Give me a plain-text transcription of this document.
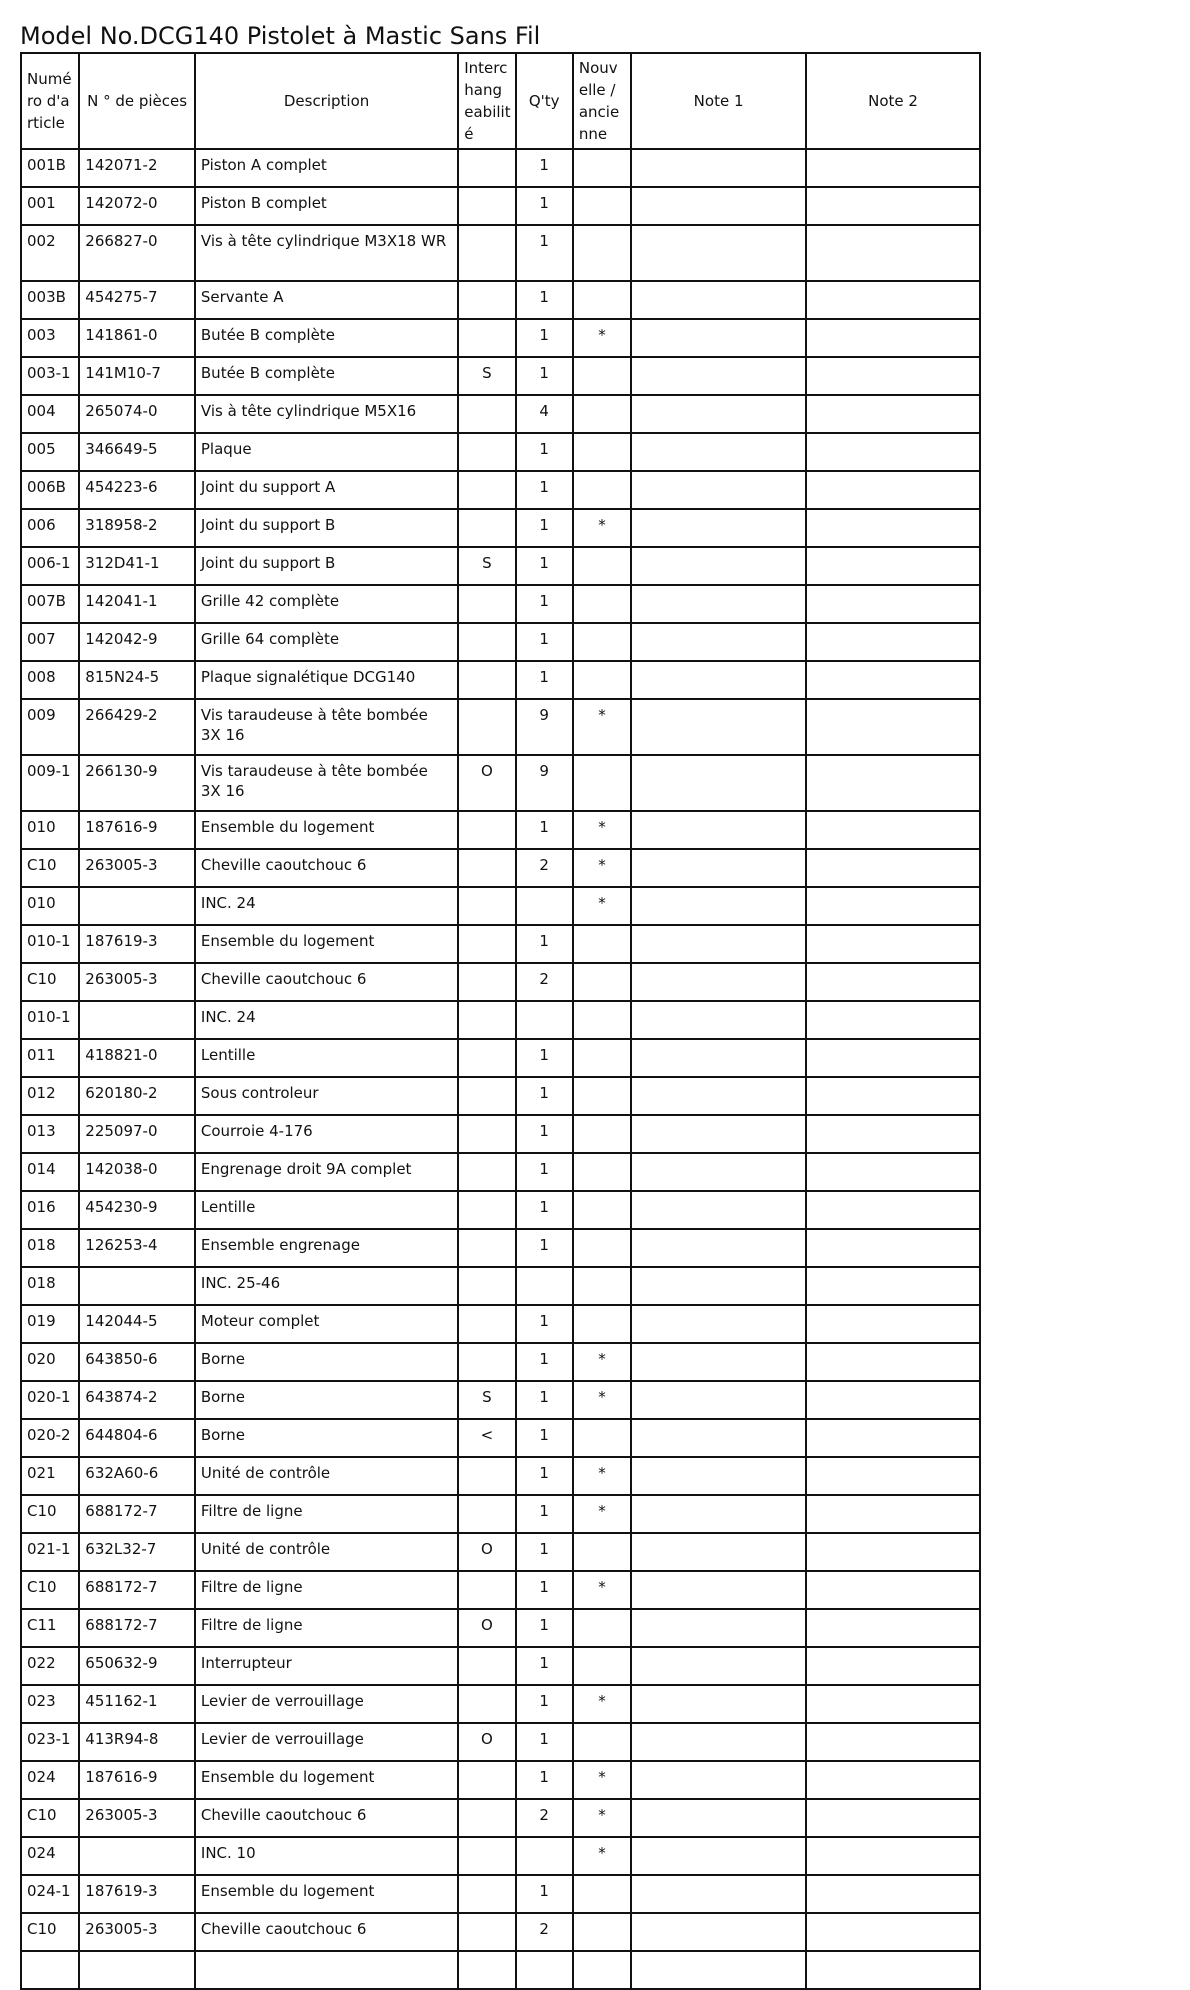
Model No.DCG140 Pistolet à Mastic Sans Fil
Numé ro d'a rticle	N ° de pièces	Description	Interc hang eabilit é	Q'ty	Nouv elle / ancie nne	Note 1	Note 2
001B	142071-2	Piston A complet		1			
001	142072-0	Piston B complet		1			
002	266827-0	Vis à tête cylindrique M3X18 WR		1			
003B	454275-7	Servante A		1			
003	141861-0	Butée B complète		1	*		
003-1	141M10-7	Butée B complète	S	1			
004	265074-0	Vis à tête cylindrique M5X16		4			
005	346649-5	Plaque		1			
006B	454223-6	Joint du support A		1			
006	318958-2	Joint du support B		1	*		
006-1	312D41-1	Joint du support B	S	1			
007B	142041-1	Grille 42 complète		1			
007	142042-9	Grille 64 complète		1			
008	815N24-5	Plaque signalétique DCG140		1			
009	266429-2	Vis taraudeuse à tête bombée 3X 16		9	*		
009-1	266130-9	Vis taraudeuse à tête bombée 3X 16	O	9			
010	187616-9	Ensemble du logement		1	*		
C10	263005-3	Cheville caoutchouc 6		2	*		
010		INC. 24			*		
010-1	187619-3	Ensemble du logement		1			
C10	263005-3	Cheville caoutchouc 6		2			
010-1		INC. 24					
011	418821-0	Lentille		1			
012	620180-2	Sous controleur		1			
013	225097-0	Courroie 4-176		1			
014	142038-0	Engrenage droit 9A complet		1			
016	454230-9	Lentille		1			
018	126253-4	Ensemble engrenage		1			
018		INC. 25-46					
019	142044-5	Moteur complet		1			
020	643850-6	Borne		1	*		
020-1	643874-2	Borne	S	1	*		
020-2	644804-6	Borne	<	1			
021	632A60-6	Unité de contrôle		1	*		
C10	688172-7	Filtre de ligne		1	*		
021-1	632L32-7	Unité de contrôle	O	1			
C10	688172-7	Filtre de ligne		1	*		
C11	688172-7	Filtre de ligne	O	1			
022	650632-9	Interrupteur		1			
023	451162-1	Levier de verrouillage		1	*		
023-1	413R94-8	Levier de verrouillage	O	1			
024	187616-9	Ensemble du logement		1	*		
C10	263005-3	Cheville caoutchouc 6		2	*		
024		INC. 10			*		
024-1	187619-3	Ensemble du logement		1			
C10	263005-3	Cheville caoutchouc 6		2			
